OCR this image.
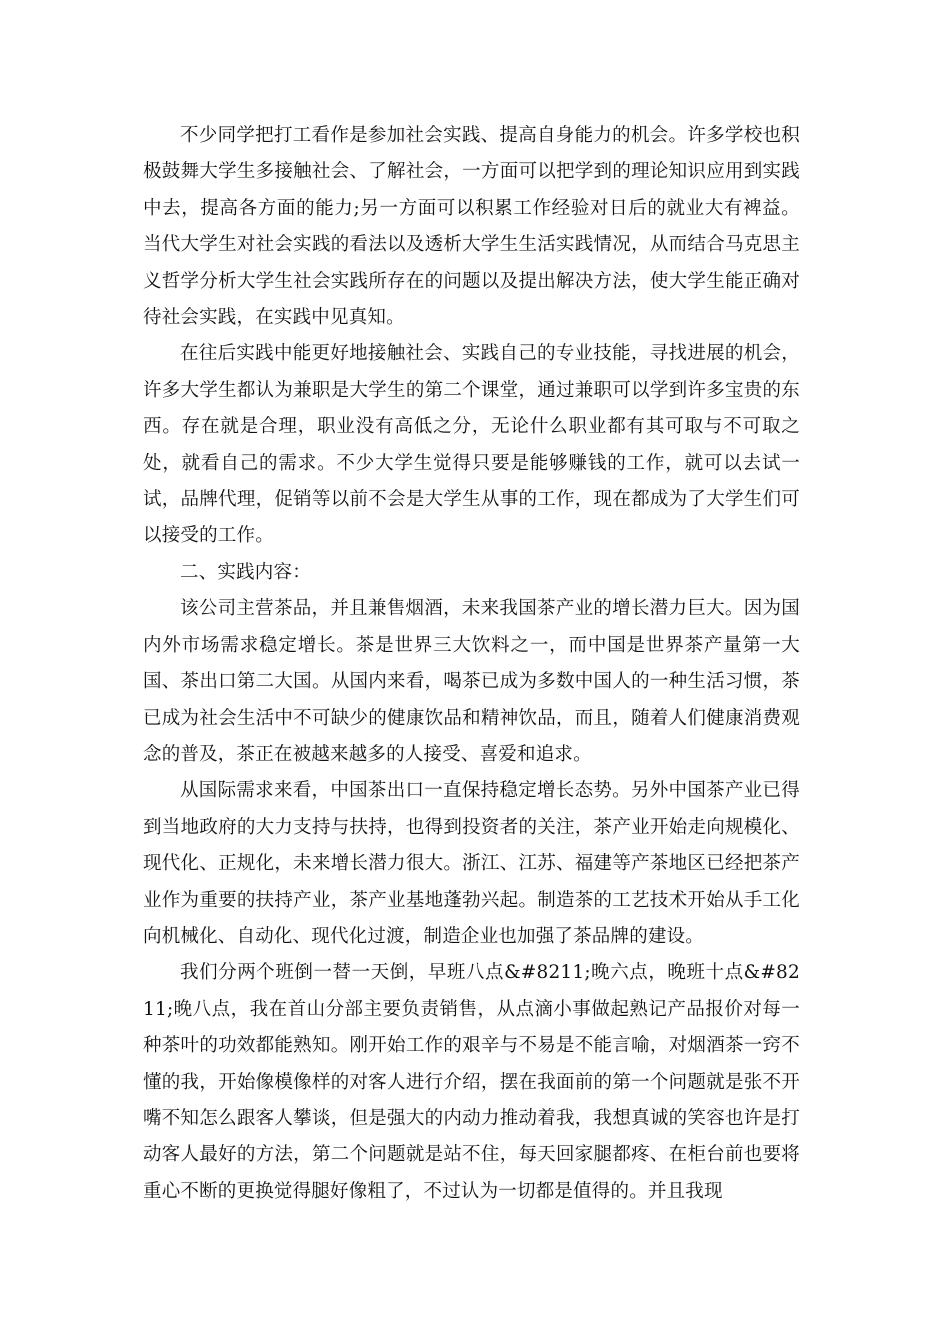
不少同学把打工看作是参加社会实践、提高自身能力的机会。许多学校也积极鼓舞大学生多接触社会、了解社会，一方面可以把学到的理论知识应用到实践中去，提高各方面的能力;另一方面可以积累工作经验对日后的就业大有裨益。当代大学生对社会实践的看法以及透析大学生生活实践情况，从而结合马克思主义哲学分析大学生社会实践所存在的问题以及提出解决方法，使大学生能正确对待社会实践，在实践中见真知。

在往后实践中能更好地接触社会、实践自己的专业技能，寻找进展的机会，许多大学生都认为兼职是大学生的第二个课堂，通过兼职可以学到许多宝贵的东西。存在就是合理，职业没有高低之分，无论什么职业都有其可取与不可取之处，就看自己的需求。不少大学生觉得只要是能够赚钱的工作，就可以去试一试，品牌代理，促销等以前不会是大学生从事的工作，现在都成为了大学生们可以接受的工作。

二、实践内容：

该公司主营茶品，并且兼售烟酒，未来我国茶产业的增长潜力巨大。因为国内外市场需求稳定增长。茶是世界三大饮料之一，而中国是世界茶产量第一大国、茶出口第二大国。从国内来看，喝茶已成为多数中国人的一种生活习惯，茶已成为社会生活中不可缺少的健康饮品和精神饮品，而且，随着人们健康消费观念的普及，茶正在被越来越多的人接受、喜爱和追求。

从国际需求来看，中国茶出口一直保持稳定增长态势。另外中国茶产业已得到当地政府的大力支持与扶持，也得到投资者的关注，茶产业开始走向规模化、现代化、正规化，未来增长潜力很大。浙江、江苏、福建等产茶地区已经把茶产业作为重要的扶持产业，茶产业基地蓬勃兴起。制造茶的工艺技术开始从手工化向机械化、自动化、现代化过渡，制造企业也加强了茶品牌的建设。

我们分两个班倒一替一天倒，早班八点&#8211;晚六点，晚班十点&#8211;晚八点，我在首山分部主要负责销售，从点滴小事做起熟记产品报价对每一种茶叶的功效都能熟知。刚开始工作的艰辛与不易是不能言喻，对烟酒茶一窍不懂的我，开始像模像样的对客人进行介绍，摆在我面前的第一个问题就是张不开嘴不知怎么跟客人攀谈，但是强大的内动力推动着我，我想真诚的笑容也许是打动客人最好的方法，第二个问题就是站不住，每天回家腿都疼、在柜台前也要将重心不断的更换觉得腿好像粗了，不过认为一切都是值得的。并且我现
